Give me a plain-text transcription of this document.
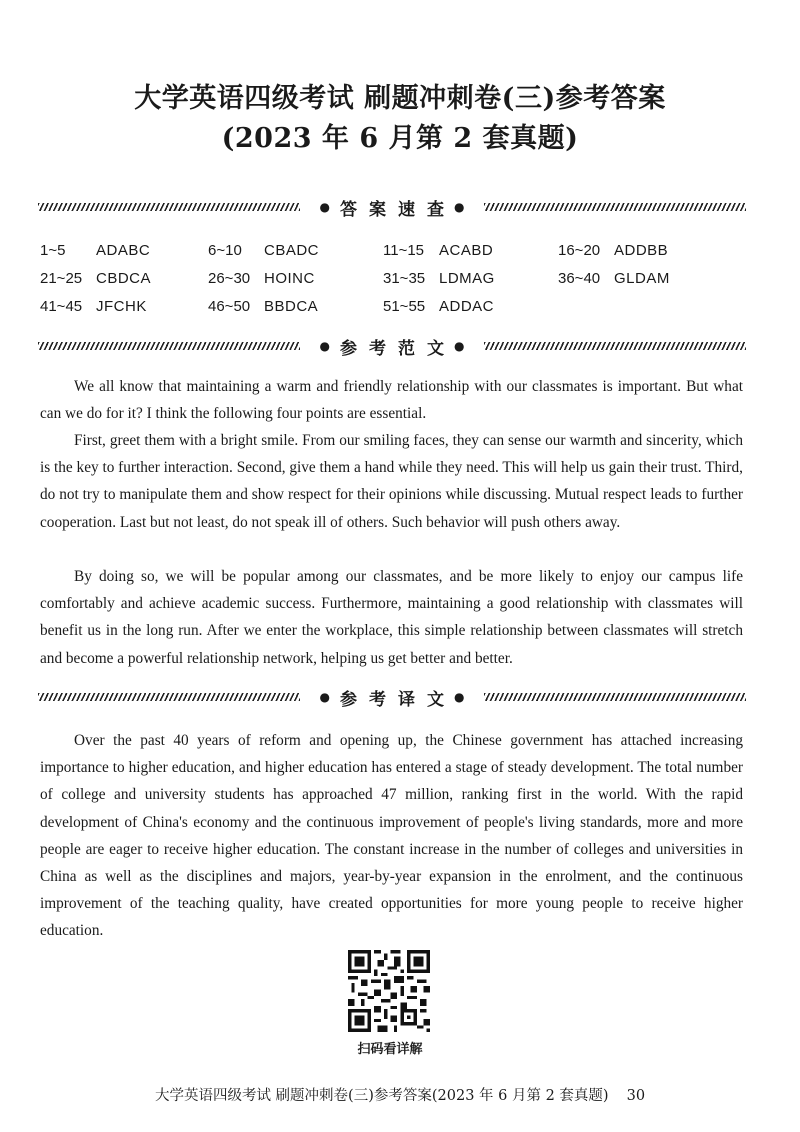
大学英语四级考试 刷题冲刺卷(三)参考答案
(2023 年 6 月第 2 套真题)
● 答案速查
●
1~5	ADABC	6~10	CBADC	11~15 ACABD	16~20 ADDBB
21~25 CBDCA	26~30 HOINC	31~35 LDMAG	36~40 GLDAM
41~45 JFCHK	46~50 BBDCA	51~55 ADDAC
● 参考范文
●

We all know that maintaining a warm and friendly relationship with our classmates is important. But what can we do for it? I think the following four points are essential.

First, greet them with a bright smile. From our smiling faces, they can sense our warmth and sincerity, which is the key to further interaction. Second, give them a hand while they need. This will help us gain their trust. Third, do not try to manipulate them and show respect for their opinions while discussing. Mutual respect leads to further cooperation. Last but not least, do not speak ill of others. Such behavior will push others away.

By doing so, we will be popular among our classmates, and be more likely to enjoy our campus life comfortably and achieve academic success. Furthermore, maintaining a good relationship with classmates will benefit us in the long run. After we enter the workplace, this simple relationship between classmates will stretch and become a powerful relationship network, helping us get better and better.

● 参考译文
●

Over the past 40 years of reform and opening up, the Chinese government has attached increasing importance to higher education, and higher education has entered a stage of steady development. The total number of college and university students has approached 47 million, ranking first in the world. With the rapid development of China's economy and the continuous improvement of people's living standards, more and more people are eager to receive higher education. The constant increase in the number of colleges and universities in China as well as the disciplines and majors, year-by-year expansion in the enrolment, and the continuous improvement of the teaching quality, have created opportunities for more young people to receive higher education.

扫码看详解
大学英语四级考试 刷题冲刺卷(三)参考答案(2023 年 6 月第 2 套真题) 30
